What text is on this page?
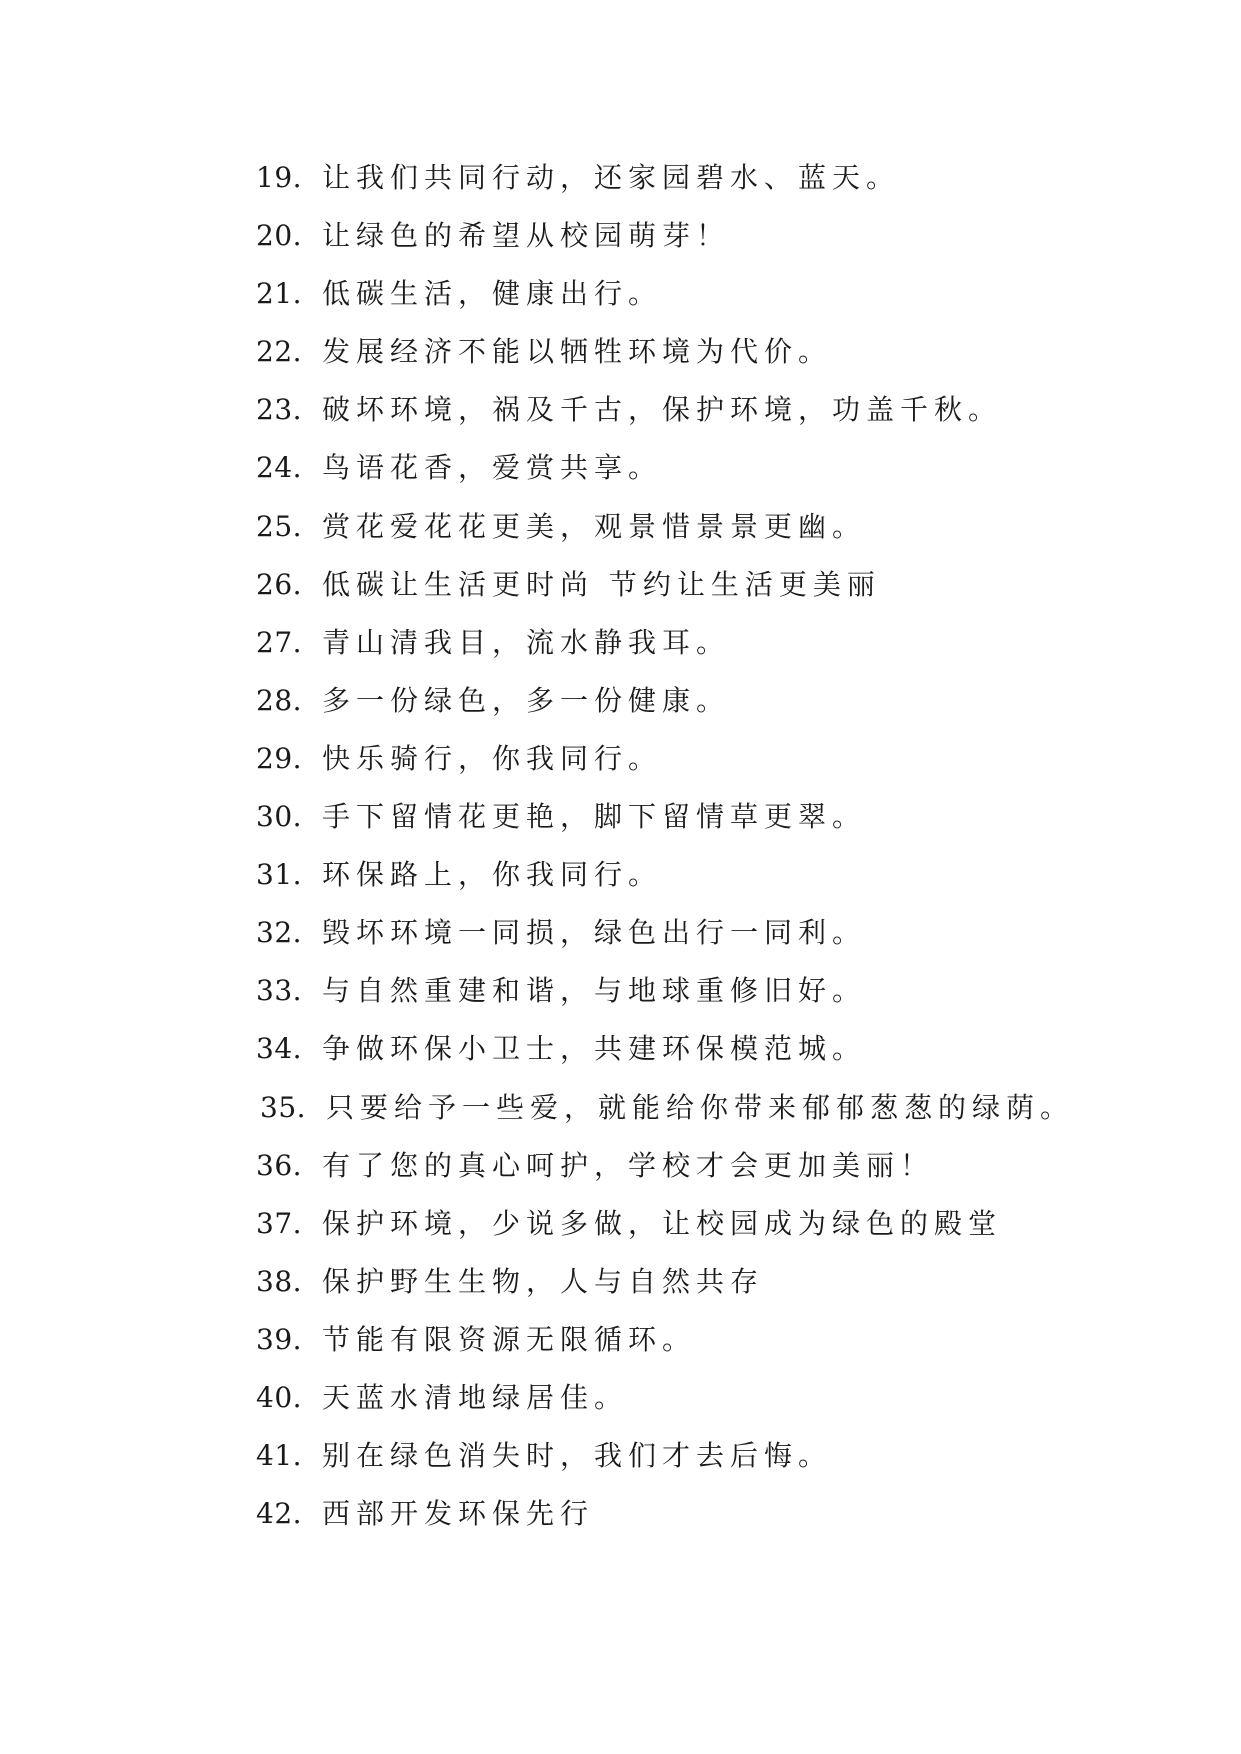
19. 让我们共同行动，还家园碧水、蓝天。
20. 让绿色的希望从校园萌芽！
21. 低碳生活，健康出行。
22. 发展经济不能以牺牲环境为代价。
23. 破坏环境，祸及千古，保护环境，功盖千秋。
24. 鸟语花香，爱赏共享。
25. 赏花爱花花更美，观景惜景景更幽。
26. 低碳让生活更时尚 节约让生活更美丽
27. 青山清我目，流水静我耳。
28. 多一份绿色，多一份健康。
29. 快乐骑行，你我同行。
30. 手下留情花更艳，脚下留情草更翠。
31. 环保路上，你我同行。
32. 毁坏环境一同损，绿色出行一同利。
33. 与自然重建和谐，与地球重修旧好。
34. 争做环保小卫士，共建环保模范城。
35. 只要给予一些爱，就能给你带来郁郁葱葱的绿荫。
36. 有了您的真心呵护，学校才会更加美丽！
37. 保护环境，少说多做，让校园成为绿色的殿堂
38. 保护野生生物，人与自然共存
39. 节能有限资源无限循环。
40. 天蓝水清地绿居佳。
41. 别在绿色消失时，我们才去后悔。
42. 西部开发环保先行
